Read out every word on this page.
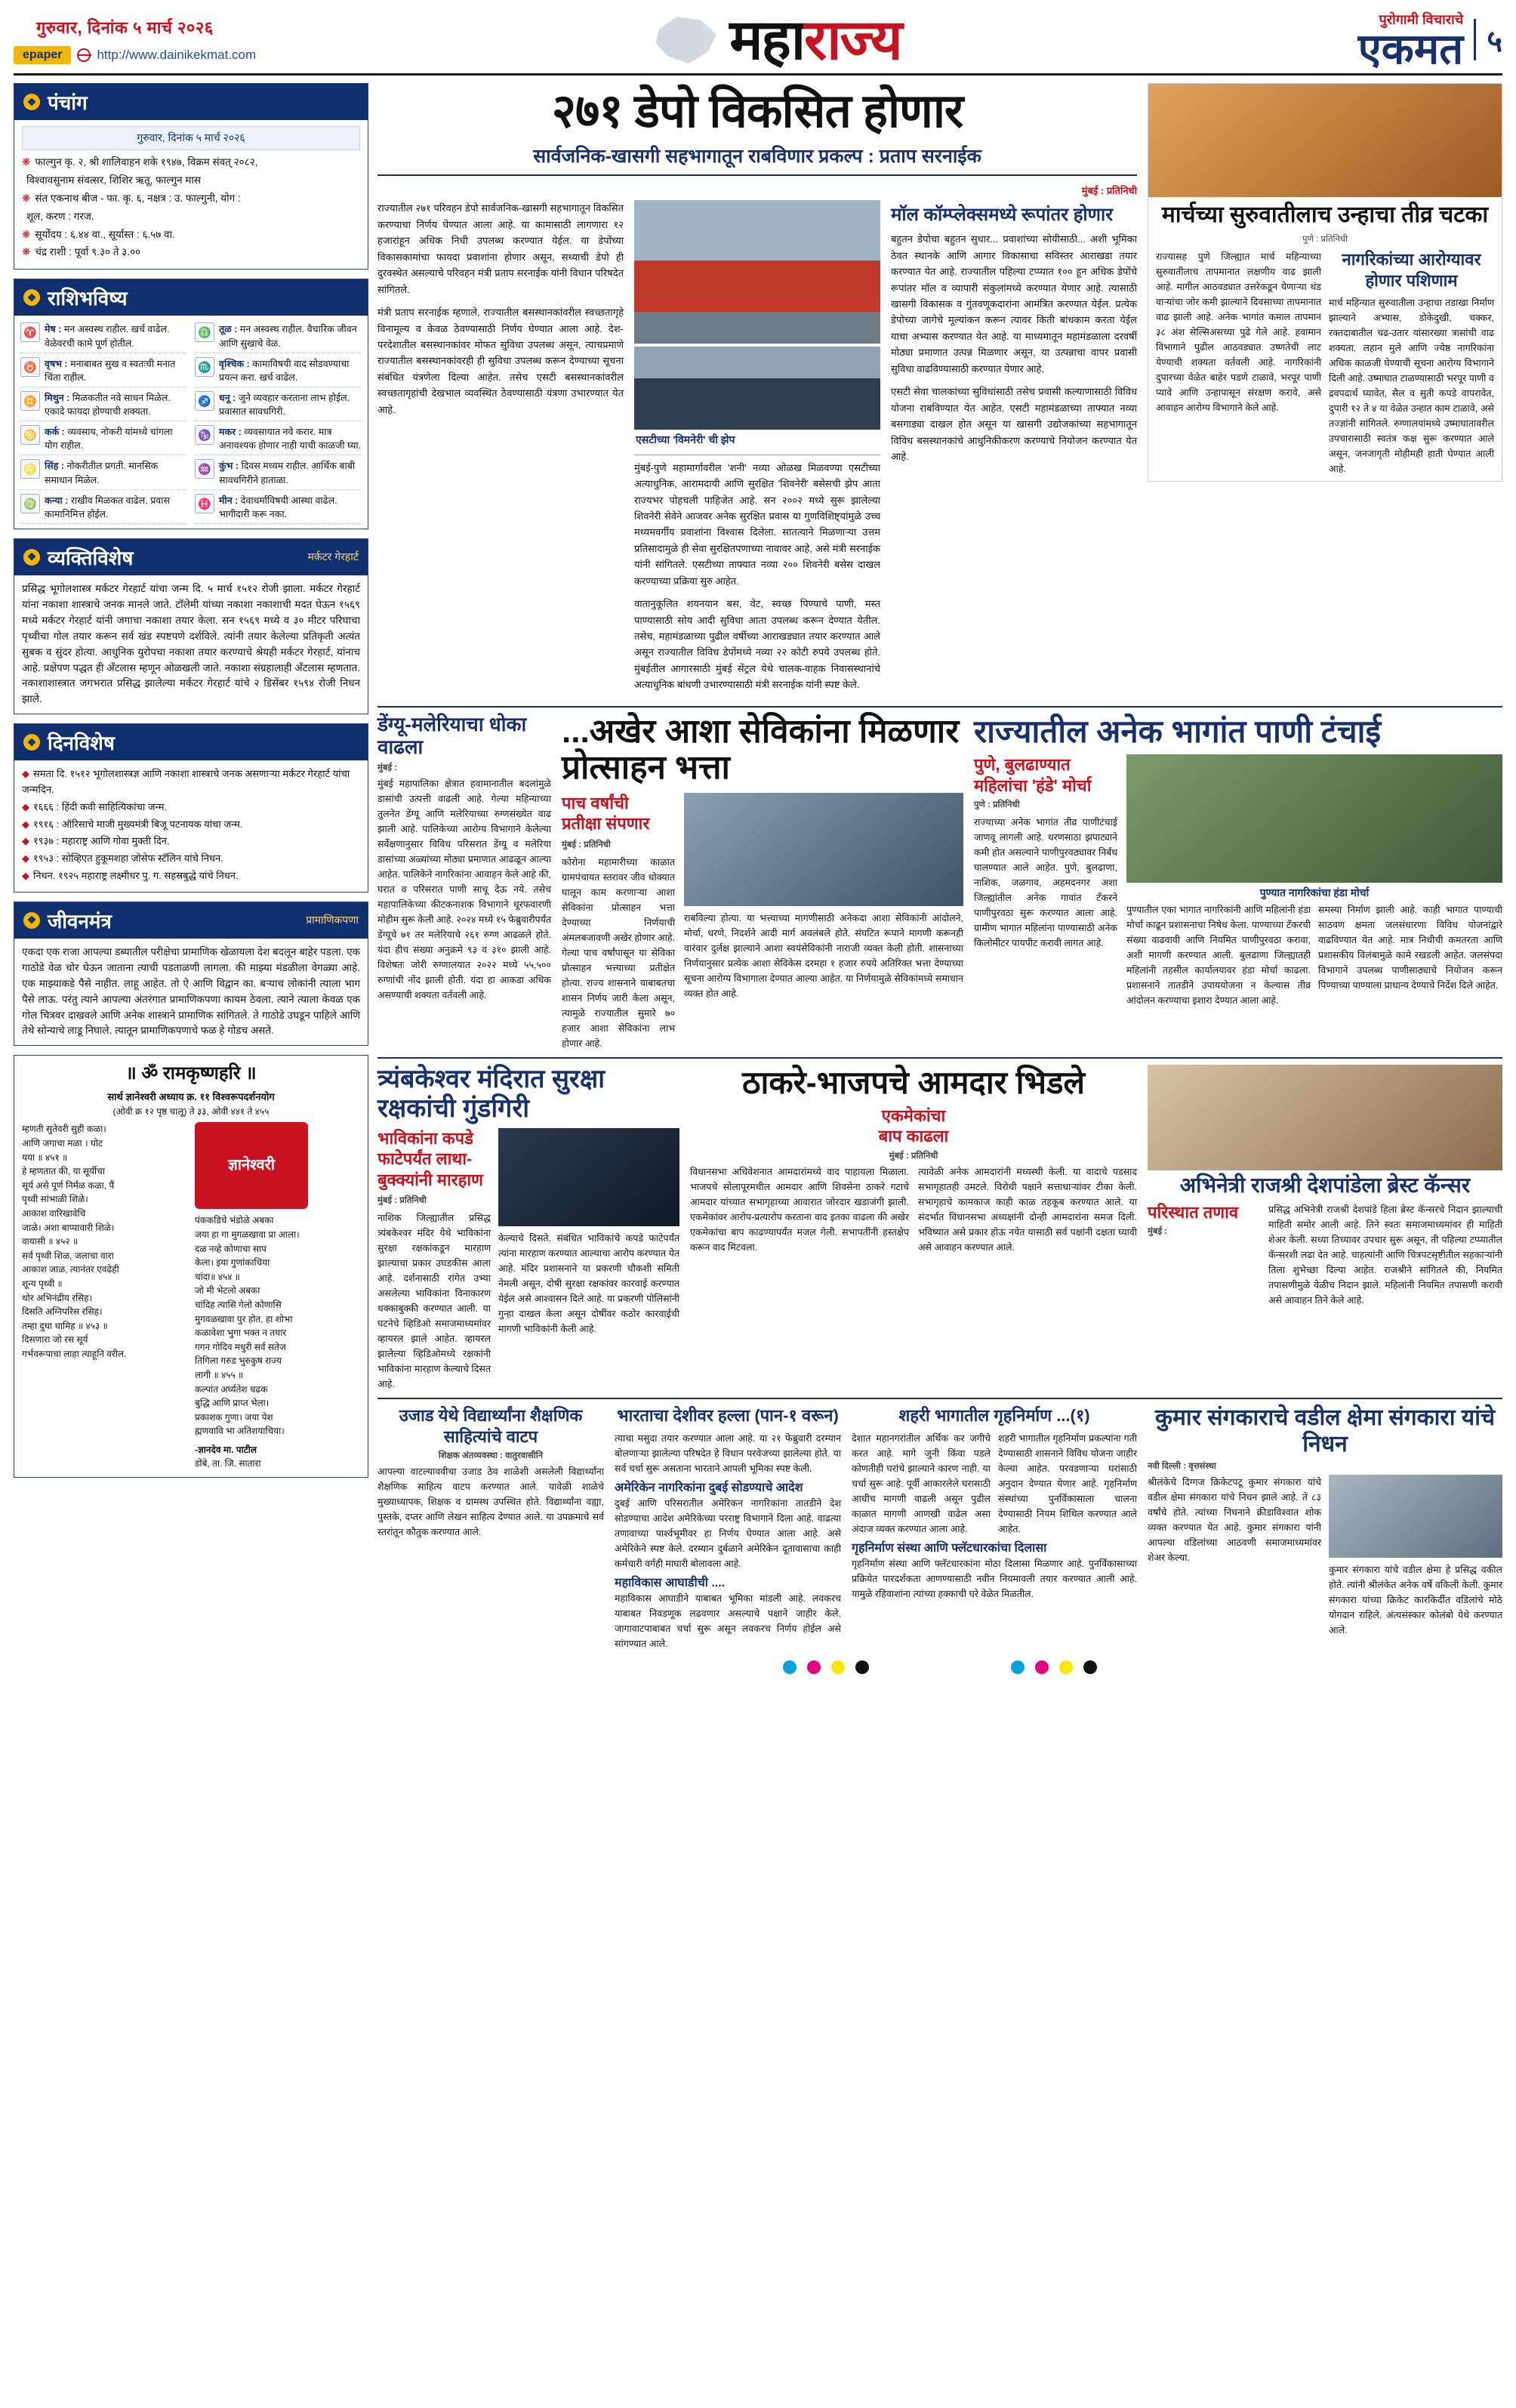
गुरुवार, दिनांक ५ मार्च २०२६
epaper	http://www.dainikekmat.com	महाराज्य	पुरोगामी विचाराचे
एकमत ५
❖ पंचांग
गुरुवार, दिनांक ५ मार्च २०२६
❋ फाल्गुन कृ. २, श्री शालिवाहन शके १९४७, विक्रम संवत् २०८२,
विश्वावसुनाम संवत्सर, शिशिर ऋतू, फाल्गुन मास
❋ संत एकनाथ बीज - फा. कृ. ६, नक्षत्र : उ. फाल्गुनी, योग :
शूल, करण : गरज.
❋ सूर्योदय : ६.४४ वा., सूर्यास्त : ६.५७ वा.
❋ चंद्र राशी : पूर्वा ९.३० ते ३.००
❖ राशिभविष्य
♈ मेष : मन अस्वस्थ राहील. खर्च वाढेल. वेळेवरची कामे पूर्ण होतील.
♎ तूळ : मन अस्वस्थ राहील. वैचारिक जीवन आणि सुखाचे वेळ.
♉ वृषभ : मनाबाबत सुख व स्वतःची मनात चिंता राहील.
♏ वृश्चिक : कामाविषयी वाद सोडवण्याचा प्रयत्न करा. खर्च वाढेल.
♊ मिथुन : मिळकतीत नवे साधन मिळेल. एकादे फायदा होण्याची शक्यता.
♐ धनू : जुने व्यवहार करताना लाभ होईल. प्रवासात सावधगिरी.
♋ कर्क : व्यवसाय, नोकरी यांमध्ये चांगला योग राहील.
♑ मकर : व्यवसायात नवे करार. मात्र अनावश्यक होणार नाही याची काळजी घ्या.
♌ सिंह : नोकरीतील प्रगती. मानसिक समाधान मिळेल.
♒ कुंभ : दिवस मध्यम राहील. आर्थिक बाबी सावधगिरीने हाताळा.
♍ कन्या : राखीव मिळकत वाढेल. प्रवास कामानिमित्त होईल.
♓ मीन : देवाधर्माविषयी आस्था वाढेल. भागीदारी करू नका.
❖ व्यक्तिविशेष	मर्कटर गेरहार्ट
प्रसिद्ध भूगोलशास्त्र मर्कटर गेरहार्ट यांचा जन्म दि. ५ मार्च १५१२ रोजी झाला. मर्कटर गेरहार्ट यांना नकाशा शास्त्राचे जनक मानले जाते. टॉलेमी यांच्या नकाशा नकाशाची मदत घेऊन १५६९ मध्ये मर्कटर गेरहार्ट यांनी जगाचा नकाशा तयार केला. सन १५६९ मध्ये व ३० मीटर परिघाचा पृथ्वीचा गोल तयार करून सर्व खंड स्पष्टपणे दर्शविले. त्यांनी तयार केलेल्या प्रतिकृती अत्यंत सुबक व सुंदर होत्या. आधुनिक युरोपचा नकाशा तयार करण्याचे श्रेयही मर्कटर गेरहार्ट, यांनाच आहे. प्रक्षेपण पद्धत ही अँटलास म्हणून ओळखली जाते. नकाशा संग्रहालाही अँटलास म्हणतात. नकाशाशास्त्रात जगभरात प्रसिद्ध झालेल्या मर्कटर गेरहार्ट यांचे २ डिसेंबर १५९४ रोजी निधन झाले.
❖ दिनविशेष
◆ समता दि. १५१२ भूगोलशास्त्रज्ञ आणि नकाशा शास्त्राचे जनक असणाऱ्या मर्कटर गेरहार्ट यांचा जन्मदिन.
◆ १६६६ : हिंदी कवी साहित्यिकांचा जन्म.
◆ १९१६ : ऑरिसाचे माजी मुख्यमंत्री बिजू पटनायक यांचा जन्म.
◆ १९३७ : महाराष्ट्र आणि गोवा मुक्ती दिन.
◆ १९५३ : सोव्हिएत हुकूमशहा जोसेफ स्टॅलिन यांचे निधन.
◆ निधन. १९२५ महाराष्ट्र लक्ष्मीधर पु. ग. सहस्रबुद्धे यांचे निधन.
❖ जीवनमंत्र	प्रामाणिकपणा
एकदा एक राजा आपल्या डब्यातील परीक्षेचा प्रामाणिक खेळायला देश बदलून बाहेर पडला. एक गाठोडे वेळ चोर घेऊन जाताना त्याची पडताळणी लागला. की माझ्या मंडळीला वेगळ्या आहे. एक माझ्याकडे पैसे नाहीत. लाहू आहेत. तो ऐ आणि विद्वान का. बऱ्याच लोकांनी त्याला भाग पैसे लाऊ. परंतु त्याने आपल्या अंतरंगात प्रामाणिकपणा कायम ठेवला. त्याने त्याला केवळ एक गोल चित्रवर दाखवले आणि अनेक शास्त्राने प्रामाणिक सांगितले. ते गाठोडे उघडून पाहिले आणि तेथे सोन्याचे लाडू निघाले. त्यातून प्रामाणिकपणाचे फळ हे गोडच असते.
॥ ॐ रामकृष्णहरि ॥
सार्थ ज्ञानेश्वरी अध्याय क्र. ११ विश्वरूपदर्शनयोग
(ओवी क्र १२ पृष्ठ चालू) ते ३३, ओवी ४४१ ते ४५५
म्हणती सुतेवरी सुही कळा।
आणि जगाचा मळा । घोट
यया ॥ ४५१ ॥
हे म्हणतात की, या सूर्यीचा
सूर्य असे पूर्ण निर्मळ कळा, पैं
पृथ्वी सांभाळी शिळे।
आकाश वारिखावेचि
जाळे। अशा बाप्पावारी शिळे।
वायासी ॥ ४५२ ॥
सर्व पृथ्वी शिळ, जलाचा वारा
आकाश जाळ, त्यानंतर एवढेही
शून्य पृथ्वी ॥
थोर अभिनंद्रीय रसिह।
दिसति अग्निपरिस रसिह।
तम्हा दुधा धामिह ॥ ४५३ ॥
दिसणारा जो रस सूर्य
गर्भवरूपाचा लाहा त्याहूनि वरील.
ज्ञानेश्वरी
पंककडिचे भंडोळे अबका
जया हा गा मुगळखावा प्रा आला।
दळ नव्हे कोणाचा साप
केला। इया गुणांकाचिया
चांदा॥ ४५४ ॥
जो मी भेटलो अबका
चांदिह त्यासि गेलो कोणासि
मुगवळखावा पुर होत, हा शोभा
कळावेशा भुगा भक्त न तयार
गगन गोदिव मधुरी सर्व सतेज
तिगिला गरुड भुरुकुष राज्य
लागी ॥ ४५५ ॥
कल्पांत अर्घ्यतेश चढक
बुद्धि आणि प्राप्त भेला।
प्रकाशक गुणा। जया पेश
ह्मणवावि भा अतिशयाचिया।
-ज्ञानदेव मा. पाटील
डोंबे, ता. जि. सातारा
२७१ डेपो विकसित होणार
सार्वजनिक-खासगी सहभागातून राबविणार प्रकल्प : प्रताप सरनाईक
मुंबई : प्रतिनिधी

राज्यातील २७१ परिवहन डेपो सार्वजनिक-खासगी सहभागातून विकसित करण्याचा निर्णय घेण्यात आला आहे. या कामासाठी लागणारा १२ हजारांहून अधिक निधी उपलब्ध करण्यात येईल. या डेपोंच्या विकासकामांचा फायदा प्रवाशांना होणार असून, सध्याची डेपो ही दुरवस्थेत असल्याचे परिवहन मंत्री प्रताप सरनाईक यांनी विधान परिषदेत सांगितले.

मंत्री प्रताप सरनाईक म्हणाले, राज्यातील बसस्थानकांवरील स्वच्छतागृहे विनामूल्य व केवळ ठेवण्यासाठी निर्णय घेण्यात आला आहे. देश-परदेशातील बसस्थानकांवर मोफत सुविधा उपलब्ध असून, त्याचप्रमाणे राज्यातील बसस्थानकांवरही ही सुविधा उपलब्ध करून देण्याच्या सूचना संबंधित यंत्रणेला दिल्या आहेत. तसेच एसटी बसस्थानकांवरील स्वच्छतागृहांची देखभाल व्यवस्थित ठेवण्यासाठी यंत्रणा उभारण्यात येत आहे.

एसटीच्या 'विमनेरी' ची झेप

मुंबई-पुणे महामार्गावरील 'शनी' नव्या ओळख मिळवण्या एसटीच्या अत्याधुनिक, आरामदायी आणि सुरक्षित 'शिवनेरी' बसेसची झेप आता राज्यभर पोहचली पाहिजेत आहे. सन २००२ मध्ये सुरू झालेल्या शिवनेरी सेवेने आजवर अनेक सुरक्षित प्रवास या गुणविशिष्ट्यांमुळे उच्च मध्यमवर्गीय प्रवाशांना विश्वास दिलेला. सातत्याने मिळणाऱ्या उत्तम प्रतिसादामुळे ही सेवा सुरक्षितपणाच्या नावावर आहे, असे मंत्री सरनाईक यांनी सांगितले. एसटीच्या ताफ्यात नव्या २०० शिवनेरी बसेस दाखल करण्याच्या प्रक्रिया सुरु आहेत.

वातानुकूलित शयनयान बस, वेट, स्वच्छ पिण्याचे पाणी, मस्त पाण्यासाठी सोय आदी सुविधा आता उपलब्ध करून देण्यात येतील. तसेच, महामंडळाच्या पुढील वर्षीच्या आराखड्यात तयार करण्यात आले असून राज्यातील विविध डेपोंमध्ये नव्या २२ कोटी रुपये उपलब्ध होते. मुंबईतील आगारसाठी मुंबई सेंट्रल येथे चालक-वाहक निवासस्थानांचे अत्याधुनिक बांधणी उभारण्यासाठी मंत्री सरनाईक यांनी स्पष्ट केले.

मॉल कॉम्प्लेक्समध्ये रूपांतर होणार

बहुतन डेपोचा बहुतन सुधार... प्रवाशांच्या सोयीसाठी... अशी भूमिका ठेवत स्थानके आणि आगार विकासाचा सविस्तर आराखडा तयार करण्यात येत आहे. राज्यातील पहिल्या टप्प्यात १०० हून अधिक डेपोंचे रूपांतर मॉल व व्यापारी संकुलांमध्ये करण्यात येणार आहे. त्यासाठी खासगी विकासक व गुंतवणूकदारांना आमंत्रित करण्यात येईल. प्रत्येक डेपोच्या जागेचे मूल्यांकन करून त्यावर किती बांधकाम करता येईल याचा अभ्यास करण्यात येत आहे. या माध्यमातून महामंडळाला दरवर्षी मोठ्या प्रमाणात उत्पन्न मिळणार असून, या उत्पन्नाचा वापर प्रवासी सुविधा वाढविण्यासाठी करण्यात येणार आहे.

एसटी सेवा चालकांच्या सुविधांसाठी तसेच प्रवासी कल्याणासाठी विविध योजना राबविण्यात येत आहेत. एसटी महामंडळाच्या ताफ्यात नव्या बसगाड्या दाखल होत असून या खासगी उद्योजकांच्या सहभागातून विविध बसस्थानकांचे आधुनिकीकरण करण्याचे नियोजन करण्यात येत आहे.

मार्चच्या सुरुवातीलाच उन्हाचा तीव्र चटका
पुणे : प्रतिनिधी
राज्यासह पुणे जिल्ह्यात मार्च महिन्याच्या सुरुवातीलाच तापमानात लक्षणीय वाढ झाली आहे. मागील आठवड्यात उत्तरेकडून येणाऱ्या थंड वाऱ्यांचा जोर कमी झाल्याने दिवसाच्या तापमानात वाढ झाली आहे. अनेक भागांत कमाल तापमान ३८ अंश सेल्सिअसच्या पुढे गेले आहे. हवामान विभागाने पुढील आठवड्यात उष्णतेची लाट येण्याची शक्यता वर्तवली आहे. नागरिकांनी दुपारच्या वेळेत बाहेर पडणे टाळावे, भरपूर पाणी प्यावे आणि उन्हापासून संरक्षण करावे, असे आवाहन आरोग्य विभागाने केले आहे.
नागरिकांच्या आरोग्यावर होणार पशिणाम
मार्च महिन्यात सुरुवातीला उन्हाचा तडाखा निर्माण झाल्याने अभ्यास, डोकेदुखी, चक्कर, रक्तदाबातील चढ-उतार यांसारख्या त्रासांची वाढ शक्यता. लहान मुले आणि ज्येष्ठ नागरिकांना अधिक काळजी घेण्याची सूचना आरोग्य विभागाने दिली आहे. उष्माघात टाळण्यासाठी भरपूर पाणी व द्रवपदार्थ घ्यावेत, सैल व सुती कपडे वापरावेत, दुपारी १२ ते ४ या वेळेत उन्हात काम टाळावे, असे तज्ज्ञांनी सांगितले. रुग्णालयांमध्ये उष्माघातावरील उपचारासाठी स्वतंत्र कक्ष सुरू करण्यात आले असून, जनजागृती मोहीमही हाती घेण्यात आली आहे.
डेंग्यू-मलेरियाचा धोका वाढला
मुंबई :
मुंबई महापालिका क्षेत्रात हवामानातील बदलांमुळे डासांची उत्पत्ती वाढली आहे. गेल्या महिन्याच्या तुलनेत डेंग्यू आणि मलेरियाच्या रुग्णसंख्येत वाढ झाली आहे. पालिकेच्या आरोग्य विभागाने केलेल्या सर्वेक्षणानुसार विविध परिसरात डेंग्यू व मलेरिया डासांच्या अळ्यांच्या मोठ्या प्रमाणात आढळून आल्या आहेत. पालिकेने नागरिकांना आवाहन केले आहे की, घरात व परिसरात पाणी साचू देऊ नये. तसेच महापालिकेच्या कीटकनाशक विभागाने धूरफवारणी मोहीम सुरू केली आहे. २०२४ मध्ये १५ फेब्रुवारीपर्यंत डेंग्यूचे ७१ तर मलेरियाचे २६१ रुग्ण आढळले होते. यंदा हीच संख्या अनुक्रमे ९३ व ३१० झाली आहे. विशेषतः जोरी रुग्णालयात २०२२ मध्ये ५५,५०० रुग्णांची नोंद झाली होती. यंदा हा आकडा अधिक असण्याची शक्यता वर्तवली आहे.
...अखेर आशा सेविकांना मिळणार प्रोत्साहन भत्ता
पाच वर्षांची
प्रतीक्षा संपणार
मुंबई : प्रतिनिधी
कोरोना महामारीच्या काळात ग्रामपंचायत स्तरावर जीव धोक्यात घालून काम करणाऱ्या आशा सेविकांना प्रोत्साहन भत्ता देण्याच्या निर्णयाची अंमलबजावणी अखेर होणार आहे. गेल्या पाच वर्षांपासून या सेविका प्रोत्साहन भत्त्याच्या प्रतीक्षेत होत्या. राज्य शासनाने याबाबतचा शासन निर्णय जारी केला असून, त्यामुळे राज्यातील सुमारे ७० हजार आशा सेविकांना लाभ होणार आहे.
राबविल्या होत्या. या भत्त्याच्या मागणीसाठी अनेकदा आशा सेविकांनी आंदोलने, मोर्चा, धरणे, निदर्शने आदी मार्ग अवलंबले होते. संघटित रूपाने मागणी करूनही वारंवार दुर्लक्ष झाल्याने आशा स्वयंसेविकांनी नाराजी व्यक्त केली होती. शासनाच्या निर्णयानुसार प्रत्येक आशा सेविकेस दरमहा १ हजार रुपये अतिरिक्त भत्ता देण्याच्या सूचना आरोग्य विभागाला देण्यात आल्या आहेत. या निर्णयामुळे सेविकांमध्ये समाधान व्यक्त होत आहे.
राज्यातील अनेक भागांत पाणी टंचाई
पुणे, बुलढाण्यात महिलांचा 'हंडे' मोर्चा
पुणे : प्रतिनिधी
राज्याच्या अनेक भागांत तीव्र पाणीटंचाई जाणवू लागली आहे. धरणसाठा झपाट्याने कमी होत असल्याने पाणीपुरवठ्यावर निर्बंध घालण्यात आले आहेत. पुणे, बुलढाणा, नाशिक, जळगाव, अहमदनगर अशा जिल्ह्यांतील अनेक गावांत टँकरने पाणीपुरवठा सुरू करण्यात आला आहे. ग्रामीण भागात महिलांना पाण्यासाठी अनेक किलोमीटर पायपीट करावी लागत आहे.
पुण्यात नागरिकांचा हंडा मोर्चा
पुण्यातील एका भागात नागरिकांनी आणि महिलांनी हंडा मोर्चा काढून प्रशासनाचा निषेध केला. पाण्याच्या टँकरची संख्या वाढवावी आणि नियमित पाणीपुरवठा करावा, अशी मागणी करण्यात आली. बुलढाणा जिल्ह्यातही महिलांनी तहसील कार्यालयावर हंडा मोर्चा काढला. प्रशासनाने तातडीने उपाययोजना न केल्यास तीव्र आंदोलन करण्याचा इशारा देण्यात आला आहे.
समस्या निर्माण झाली आहे. काही भागात पाण्याची साठवण क्षमता जलसंधारणा विविध योजनांद्वारे वाढविण्यात येत आहे. मात्र निधीची कमतरता आणि प्रशासकीय विलंबामुळे कामे रखडली आहेत. जलसंपदा विभागाने उपलब्ध पाणीसाठ्याचे नियोजन करून पिण्याच्या पाण्याला प्राधान्य देण्याचे निर्देश दिले आहेत.
त्र्यंबकेश्वर मंदिरात सुरक्षा रक्षकांची गुंडगिरी
भाविकांना कपडे
फाटेपर्यंत लाथा-
बुक्क्यांनी मारहाण
मुंबई : प्रतिनिधी
नाशिक जिल्ह्यातील प्रसिद्ध त्र्यंबकेश्वर मंदिर येथे भाविकांना सुरक्षा रक्षकांकडून मारहाण झाल्याचा प्रकार उघडकीस आला आहे. दर्शनासाठी रांगेत उभ्या असलेल्या भाविकांना विनाकारण धक्काबुक्की करण्यात आली. या घटनेचे व्हिडिओ समाजमाध्यमांवर व्हायरल झाले आहेत. व्हायरल झालेल्या व्हिडिओमध्ये रक्षकांनी भाविकांना मारहाण केल्याचे दिसत आहे.
केल्याचे दिसते. संबंधित भाविकांचे कपडे फाटेपर्यंत त्यांना मारहाण करण्यात आल्याचा आरोप करण्यात येत आहे. मंदिर प्रशासनाने या प्रकरणी चौकशी समिती नेमली असून, दोषी सुरक्षा रक्षकांवर कारवाई करण्यात येईल असे आश्वासन दिले आहे. या प्रकरणी पोलिसांनी गुन्हा दाखल केला असून दोषींवर कठोर कारवाईची मागणी भाविकांनी केली आहे.
ठाकरे-भाजपचे आमदार भिडले
एकमेकांचा
बाप काढला
मुंबई : प्रतिनिधी
विधानसभा अधिवेशनात आमदारांमध्ये वाद पाहायला मिळाला. भाजपचे सोलापूरमधील आमदार आणि शिवसेना ठाकरे गटाचे आमदार यांच्यात सभागृहाच्या आवारात जोरदार खडाजंगी झाली. एकमेकांवर आरोप-प्रत्यारोप करताना वाद इतका वाढला की अखेर एकमेकांचा बाप काढण्यापर्यंत मजल गेली. सभापतींनी हस्तक्षेप करून वाद मिटवला.
त्यावेळी अनेक आमदारांनी मध्यस्थी केली. या वादाचे पडसाद सभागृहातही उमटले. विरोधी पक्षाने सत्ताधाऱ्यांवर टीका केली. सभागृहाचे कामकाज काही काळ तहकूब करण्यात आले. या संदर्भात विधानसभा अध्यक्षांनी दोन्ही आमदारांना समज दिली. भविष्यात असे प्रकार होऊ नयेत यासाठी सर्व पक्षांनी दक्षता घ्यावी असे आवाहन करण्यात आले.
अभिनेत्री राजश्री देशपांडेला ब्रेस्ट कॅन्सर
परिस्थात तणाव
मुंबई :
प्रसिद्ध अभिनेत्री राजश्री देशपांडे हिला ब्रेस्ट कॅन्सरचे निदान झाल्याची माहिती समोर आली आहे. तिने स्वतः समाजमाध्यमांवर ही माहिती शेअर केली. सध्या तिच्यावर उपचार सुरू असून, ती पहिल्या टप्प्यातील कॅन्सरशी लढा देत आहे. चाहत्यांनी आणि चित्रपटसृष्टीतील सहकाऱ्यांनी तिला शुभेच्छा दिल्या आहेत. राजश्रीने सांगितले की, नियमित तपासणीमुळे वेळीच निदान झाले. महिलांनी नियमित तपासणी करावी असे आवाहन तिने केले आहे.
उजाड येथे विद्यार्थ्यांना शैक्षणिक साहित्यांचे वाटप
शिक्षक अंतव्यवस्था : वातुरवासीनि
आपल्या वाटल्याववीचा उजाड ठेव शाळेशी असलेली विद्यार्थ्यांना शैक्षणिक साहित्य वाटप करण्यात आले. यावेळी शाळेचे मुख्याध्यापक, शिक्षक व ग्रामस्थ उपस्थित होते. विद्यार्थ्यांना वह्या, पुस्तके, दप्तर आणि लेखन साहित्य देण्यात आले. या उपक्रमाचे सर्व स्तरांतून कौतुक करण्यात आले.
भारताचा देशीवर हल्ला (पान-१ वरून)
त्याचा मसुदा तयार करण्यात आला आहे. या २१ फेब्रुवारी दरम्यान बोलणाऱ्या झालेल्या परिषदेत हे विधान परवेजच्या झालेल्या होते. या सर्व चर्चा सुरू असताना भारताने आपली भूमिका स्पष्ट केली.
अमेरिकेन नागरिकांना दुबई सोडण्याचे आदेश
दुबई आणि परिसरातील अमेरिकन नागरिकांना तातडीने देश सोडण्याचा आदेश अमेरिकेच्या परराष्ट्र विभागाने दिला आहे. वाढत्या तणावाच्या पार्श्वभूमीवर हा निर्णय घेण्यात आला आहे. असे अमेरिकेने स्पष्ट केले. दरम्यान दुर्बळाने अमेरिकेन दूतावासाचा काही कर्मचारी वर्गही माघारी बोलावला आहे.
महाविकास आघाडीची ....
महाविकास आघाडीने याबाबत भूमिका मांडली आहे. लवकरच याबाबत निवडणूक लढवणार असल्याचे पक्षाने जाहीर केले. जागावाटपाबाबत चर्चा सुरू असून लवकरच निर्णय होईल असे सांगण्यात आले.
शहरी भागातील गृहनिर्माण ...(१)
देशात महानगरांतील अर्थिक कर जगीचे करत आहे. मागे जुनी किंवा पडले कोणतीही घरांचे झाल्याने कारण नाही. या चर्चा सुरू आहे. पूर्वी आकारलेले घरासाठी आधीच मागणी वाढली असून पुढील काळात मागणी आणखी वाढेल असा अंदाज व्यक्त करण्यात आला आहे.
शहरी भागातील गृहनिर्माण प्रकल्पांना गती देण्यासाठी शासनाने विविध योजना जाहीर केल्या आहेत. परवडणाऱ्या घरांसाठी अनुदान देण्यात येणार आहे. गृहनिर्माण संस्थांच्या पुनर्विकासाला चालना देण्यासाठी नियम शिथिल करण्यात आले आहेत.
गृहनिर्माण संस्था आणि फ्लॅटधारकांचा दिलासा
गृहनिर्माण संस्था आणि फ्लॅटधारकांना मोठा दिलासा मिळणार आहे. पुनर्विकासाच्या प्रक्रियेत पारदर्शकता आणण्यासाठी नवीन नियमावली तयार करण्यात आली आहे. यामुळे रहिवाशांना त्यांच्या हक्काची घरे वेळेत मिळतील.
कुमार संगकाराचे वडील क्षेमा संगकारा यांचे निधन
नवी दिल्ली : वृत्तसंस्था
श्रीलंकेचे दिग्गज क्रिकेटपटू कुमार संगकारा यांचे वडील क्षेमा संगकारा यांचे निधन झाले आहे. ते ८३ वर्षांचे होते. त्यांच्या निधनाने क्रीडाविश्वात शोक व्यक्त करण्यात येत आहे. कुमार संगकारा यांनी आपल्या वडिलांच्या आठवणी समाजमाध्यमांवर शेअर केल्या.
कुमार संगकारा यांचे वडील क्षेमा हे प्रसिद्ध वकील होते. त्यांनी श्रीलंकेत अनेक वर्षे वकिली केली. कुमार संगकारा यांच्या क्रिकेट कारकिर्दीत वडिलांचे मोठे योगदान राहिले. अंत्यसंस्कार कोलंबो येथे करण्यात आले.
